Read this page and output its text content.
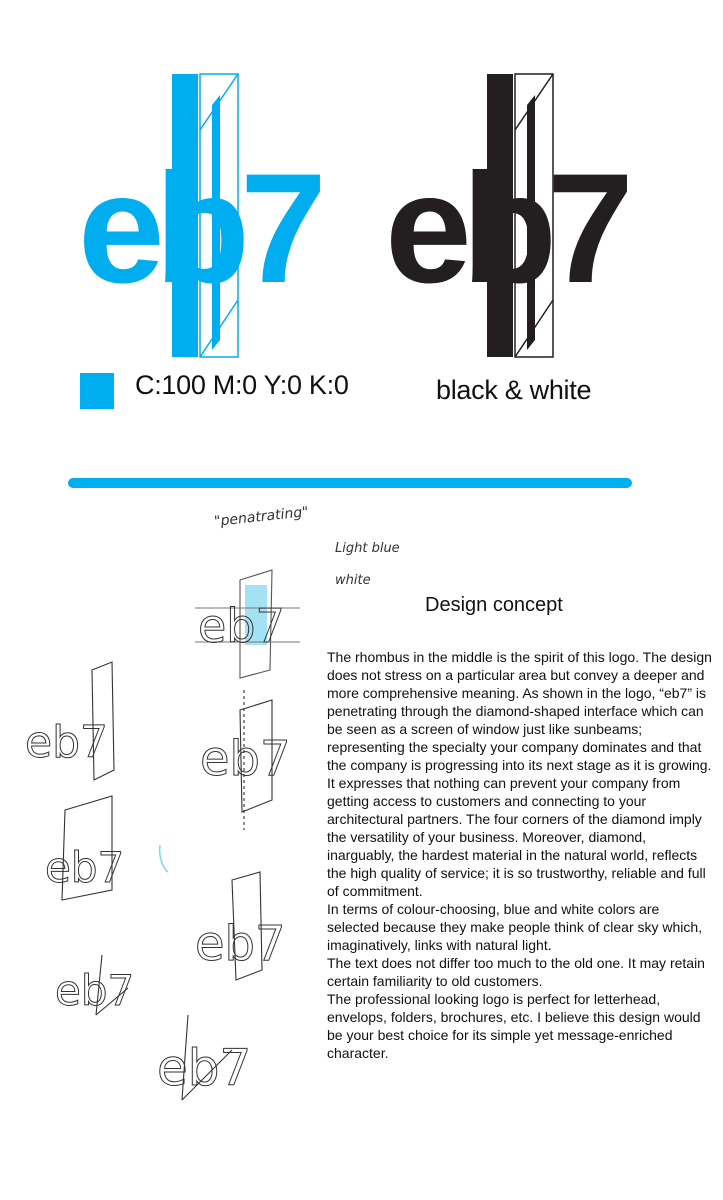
eb7 eb7
C:100 M:0 Y:0 K:0	black & white
"penatrating"
Light blue
white
eb7
eb7 eb7
eb7
eb7
eb7
eb7
Design concept

The rhombus in the middle is the spirit of this logo. The design does not stress on a particular area but convey a deeper and more comprehensive meaning. As shown in the logo, “eb7” is penetrating through the diamond-shaped interface which can be seen as a screen of window just like sunbeams; representing the specialty your company dominates and that the company is progressing into its next stage as it is growing. It expresses that nothing can prevent your company from getting access to customers and connecting to your architectural partners. The four corners of the diamond imply the versatility of your business. Moreover, diamond, inarguably, the hardest material in the natural world, reflects the high quality of service; it is so trustworthy, reliable and full of commitment.

In terms of colour-choosing, blue and white colors are selected because they make people think of clear sky which, imaginatively, links with natural light.

The text does not differ too much to the old one. It may retain certain familiarity to old customers.

The professional looking logo is perfect for letterhead, envelops, folders, brochures, etc. I believe this design would be your best choice for its simple yet message-enriched character.
